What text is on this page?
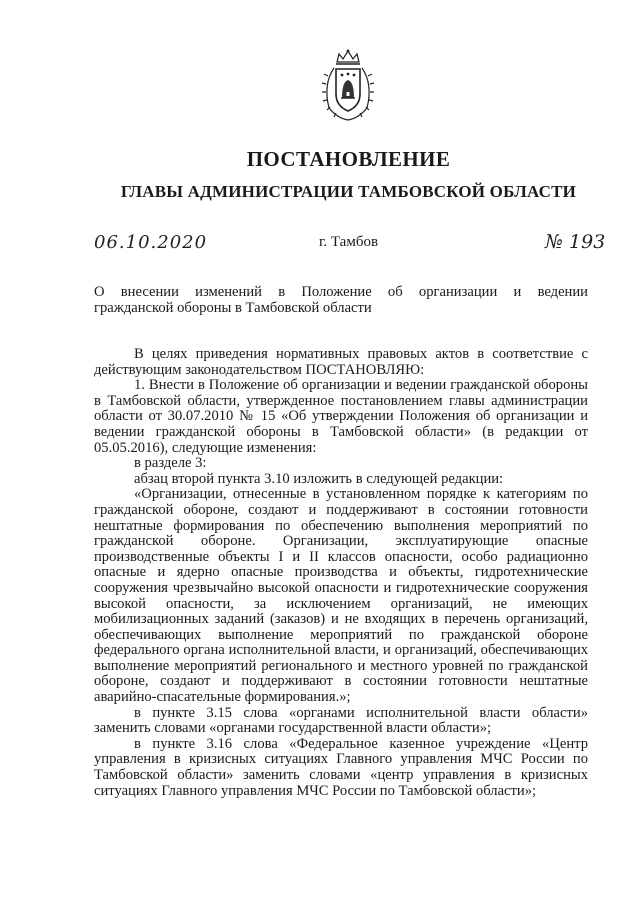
ПОСТАНОВЛЕНИЕ
ГЛАВЫ АДМИНИСТРАЦИИ ТАМБОВСКОЙ ОБЛАСТИ
06.10.2020	г. Тамбов	№ 193
О внесении изменений в Положение об организации и ведении
гражданской обороны в Тамбовской области
В целях приведения нормативных правовых актов в соответствие с действующим законодательством ПОСТАНОВЛЯЮ:
1. Внести в Положение об организации и ведении гражданской обороны в Тамбовской области, утвержденное постановлением главы администрации области от 30.07.2010 № 15 «Об утверждении Положения об организации и ведении гражданской обороны в Тамбовской области» (в редакции от 05.05.2016), следующие изменения:
в разделе 3:
абзац второй пункта 3.10 изложить в следующей редакции:
«Организации, отнесенные в установленном порядке к категориям по гражданской обороне, создают и поддерживают в состоянии готовности нештатные формирования по обеспечению выполнения мероприятий по гражданской обороне. Организации, эксплуатирующие опасные производственные объекты I и II классов опасности, особо радиационно опасные и ядерно опасные производства и объекты, гидротехнические сооружения чрезвычайно высокой опасности и гидротехнические сооружения высокой опасности, за исключением организаций, не имеющих мобилизационных заданий (заказов) и не входящих в перечень организаций, обеспечивающих выполнение мероприятий по гражданской обороне федерального органа исполнительной власти, и организаций, обеспечивающих выполнение мероприятий регионального и местного уровней по гражданской обороне, создают и поддерживают в состоянии готовности нештатные аварийно-спасательные формирования.»;
в пункте 3.15 слова «органами исполнительной власти области» заменить словами «органами государственной власти области»;
в пункте 3.16 слова «Федеральное казенное учреждение «Центр управления в кризисных ситуациях Главного управления МЧС России по Тамбовской области» заменить словами «центр управления в кризисных ситуациях Главного управления МЧС России по Тамбовской области»;
